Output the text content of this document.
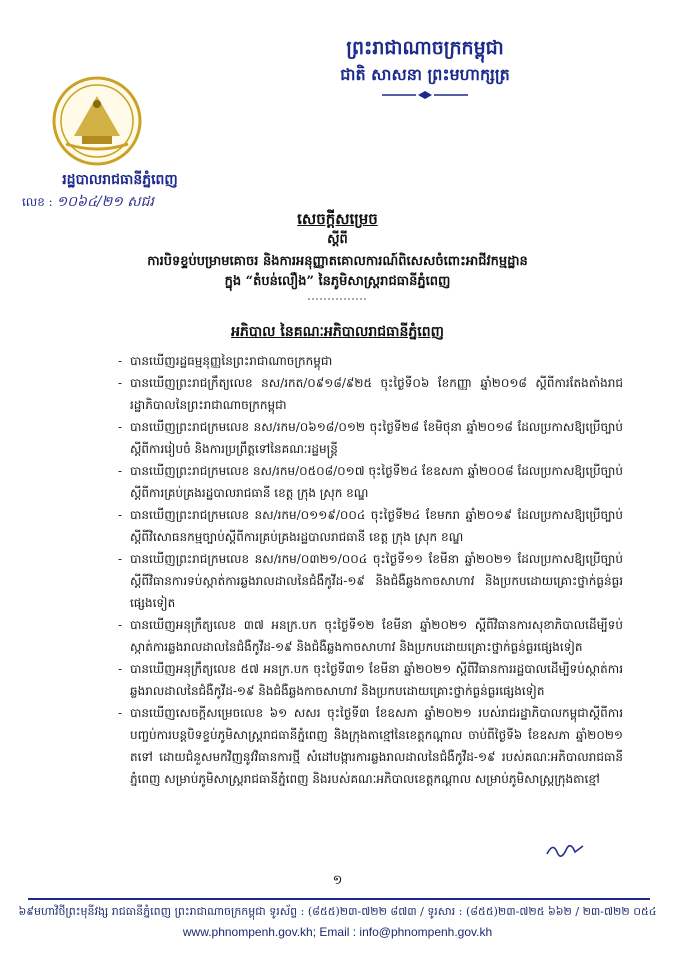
ព្រះរាជាណាចក្រកម្ពុជា
ជាតិ សាសនា ព្រះមហាក្សត្រ
រដ្ឋបាលរាជធានីភ្នំពេញ
លេខ : ១០៦៤/២១ សជរ
សេចក្ដីសម្រេច
ស្ដីពី
ការបិទខ្ទប់បម្រាមគោចរ និងការអនុញ្ញាតគោលការណ៍ពិសេសចំពោះអាជីវកម្មដ្ឋាន
ក្នុង “តំបន់លឿង” នៃភូមិសាស្ត្ររាជធានីភ្នំពេញ
អភិបាល នៃគណៈអភិបាលរាជធានីភ្នំពេញ
- បានឃើញរដ្ឋធម្មនុញ្ញនៃព្រះរាជាណាចក្រកម្ពុជា
- បានឃើញព្រះរាជក្រឹត្យលេខ នស/រកត/០៩១៨/៩២៥ ចុះថ្ងៃទី០៦ ខែកញ្ញា ឆ្នាំ២០១៨ ស្ដីពីការតែងតាំងរាជរដ្ឋាភិបាលនៃព្រះរាជាណាចក្រកម្ពុជា
- បានឃើញព្រះរាជក្រមលេខ នស/រកម/០៦១៨/០១២ ចុះថ្ងៃទី២៨ ខែមិថុនា ឆ្នាំ២០១៨ ដែលប្រកាសឱ្យប្រើច្បាប់ស្ដីពីការរៀបចំ និងការប្រព្រឹត្តទៅនៃគណៈរដ្ឋមន្ត្រី
- បានឃើញព្រះរាជក្រមលេខ នស/រកម/០៥០៨/០១៧ ចុះថ្ងៃទី២៤ ខែឧសភា ឆ្នាំ២០០៨ ដែលប្រកាសឱ្យប្រើច្បាប់ស្ដីពីការគ្រប់គ្រងរដ្ឋបាលរាជធានី ខេត្ត ក្រុង ស្រុក ខណ្ឌ
- បានឃើញព្រះរាជក្រមលេខ នស/រកម/០១១៩/០០៤ ចុះថ្ងៃទី២៤ ខែមករា ឆ្នាំ២០១៩ ដែលប្រកាសឱ្យប្រើច្បាប់ស្ដីពីវិសោធនកម្មច្បាប់ស្ដីពីការគ្រប់គ្រងរដ្ឋបាលរាជធានី ខេត្ត ក្រុង ស្រុក ខណ្ឌ
- បានឃើញព្រះរាជក្រមលេខ នស/រកម/០៣២១/០០៤ ចុះថ្ងៃទី១១ ខែមីនា ឆ្នាំ២០២១ ដែលប្រកាសឱ្យប្រើច្បាប់ស្ដីពីវិធានការទប់ស្កាត់ការឆ្លងរាលដាលនៃជំងឺកូវីដ-១៩ និងជំងឺឆ្លងកាចសាហាវ និងប្រកបដោយគ្រោះថ្នាក់ធ្ងន់ធ្ងរផ្សេងទៀត
- បានឃើញអនុក្រឹត្យលេខ ៣៧ អនក្រ.បក ចុះថ្ងៃទី១២ ខែមីនា ឆ្នាំ២០២១ ស្ដីពីវិធានការសុខាភិបាលដើម្បីទប់ស្កាត់ការឆ្លងរាលដាលនៃជំងឺកូវីដ-១៩ និងជំងឺឆ្លងកាចសាហាវ និងប្រកបដោយគ្រោះថ្នាក់ធ្ងន់ធ្ងរផ្សេងទៀត
- បានឃើញអនុក្រឹត្យលេខ ៥៧ អនក្រ.បក ចុះថ្ងៃទី៣១ ខែមីនា ឆ្នាំ២០២១ ស្ដីពីវិធានការរដ្ឋបាលដើម្បីទប់ស្កាត់ការឆ្លងរាលដាលនៃជំងឺកូវីដ-១៩ និងជំងឺឆ្លងកាចសាហាវ និងប្រកបដោយគ្រោះថ្នាក់ធ្ងន់ធ្ងរផ្សេងទៀត
- បានឃើញសេចក្ដីសម្រេចលេខ ៦១ សសរ ចុះថ្ងៃទី៣ ខែឧសភា ឆ្នាំ២០២១ របស់រាជរដ្ឋាភិបាលកម្ពុជាស្ដីពីការបញ្ចប់ការបន្តបិទខ្ទប់ភូមិសាស្ត្ររាជធានីភ្នំពេញ និងក្រុងតាខ្មៅនៃខេត្តកណ្ដាល ចាប់ពីថ្ងៃទី៦ ខែឧសភា ឆ្នាំ២០២១ តទៅ ដោយជំនួសមកវិញនូវវិធានការថ្មី សំដៅបង្ការការឆ្លងរាលដាលនៃជំងឺកូវីដ-១៩ របស់គណៈអភិបាលរាជធានីភ្នំពេញ សម្រាប់ភូមិសាស្ត្ររាជធានីភ្នំពេញ និងរបស់គណៈអភិបាលខេត្តកណ្ដាល សម្រាប់ភូមិសាស្ត្រក្រុងតាខ្មៅ
១
៦៩មហាវិថីព្រះមុនីវង្ស រាជធានីភ្នំពេញ ព្រះរាជាណាចក្រកម្ពុជា ទូរស័ព្ទ : (៨៥៥)២៣-៧២២ ៨៧៣ / ទូរសារ : (៨៥៥)២៣-៧២៥ ៦៦២ / ២៣-៧២២ ០៥៤
www.phnompenh.gov.kh; Email : info@phnompenh.gov.kh
